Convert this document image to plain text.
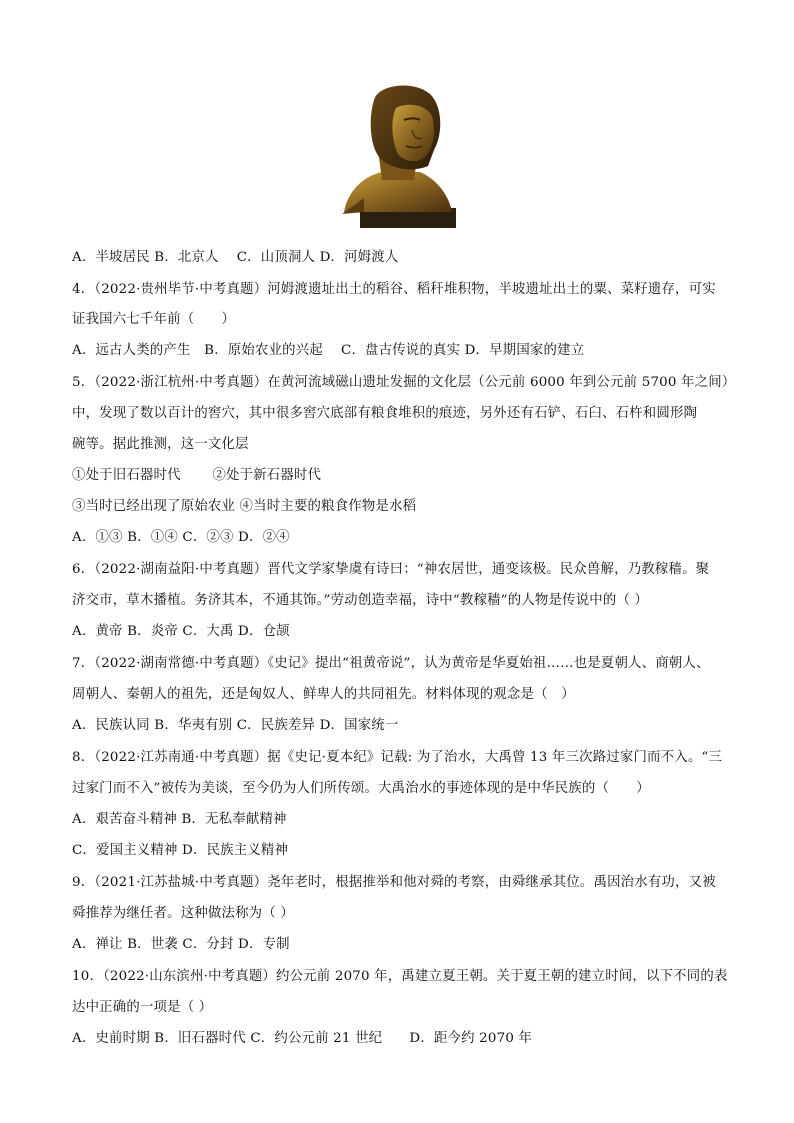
A．半坡居民 B．北京人　 C．山顶洞人 D．河姆渡人
4．（2022·贵州毕节·中考真题）河姆渡遗址出土的稻谷、稻秆堆积物，半坡遗址出土的粟、菜籽遗存，可实
证我国六七千年前（　　）
A．远古人类的产生　B．原始农业的兴起　 C．盘古传说的真实 D．早期国家的建立
5．（2022·浙江杭州·中考真题）在黄河流域磁山遗址发掘的文化层（公元前 6000 年到公元前 5700 年之间）
中，发现了数以百计的窖穴，其中很多窖穴底部有粮食堆积的痕迹，另外还有石铲、石臼、石杵和圆形陶
碗等。据此推测，这一文化层
①处于旧石器时代　　 ②处于新石器时代
③当时已经出现了原始农业 ④当时主要的粮食作物是水稻
A．①③ B．①④ C．②③ D．②④
6．（2022·湖南益阳·中考真题）晋代文学家挚虞有诗曰：“神农居世，通变该极。民众兽解，乃教稼穑。聚
济交市，草木播植。务济其本，不通其饰。”劳动创造幸福，诗中“教稼穑”的人物是传说中的（ ）
A．黄帝 B．炎帝 C．大禹 D．仓颉
7．（2022·湖南常德·中考真题）《史记》提出“祖黄帝说”，认为黄帝是华夏始祖……也是夏朝人、商朝人、
周朝人、秦朝人的祖先，还是匈奴人、鲜卑人的共同祖先。材料体现的观念是（　）
A．民族认同 B．华夷有别 C．民族差异 D．国家统一
8．（2022·江苏南通·中考真题）据《史记·夏本纪》记载: 为了治水，大禹曾 13 年三次路过家门而不入。“三
过家门而不入”被传为美谈，至今仍为人们所传颂。大禹治水的事迹体现的是中华民族的（　　）
A．艰苦奋斗精神 B．无私奉献精神
C．爱国主义精神 D．民族主义精神
9．（2021·江苏盐城·中考真题）尧年老时，根据推举和他对舜的考察，由舜继承其位。禹因治水有功，又被
舜推荐为继任者。这种做法称为（ ）
A．禅让 B．世袭 C．分封 D．专制
10．（2022·山东滨州·中考真题）约公元前 2070 年，禹建立夏王朝。关于夏王朝的建立时间，以下不同的表
达中正确的一项是（ ）
A．史前时期 B．旧石器时代 C．约公元前 21 世纪　　D．距今约 2070 年
